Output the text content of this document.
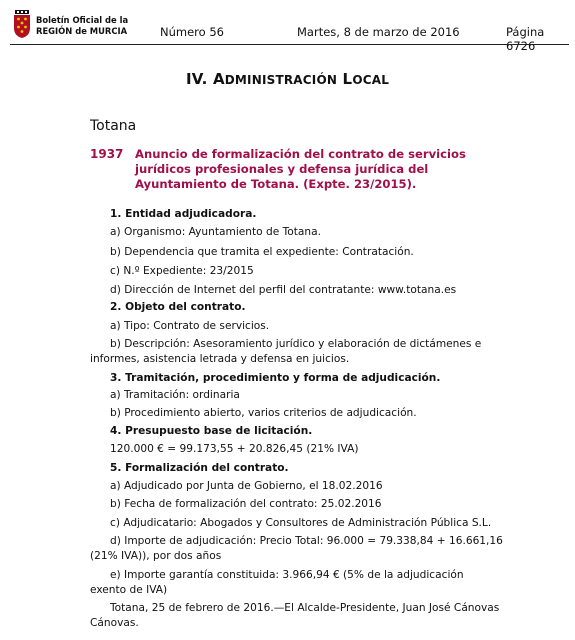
Boletín Oficial de la
REGIÓN de MURCIA	Número 56	Martes, 8 de marzo de 2016	Página 6726
IV. ADMINISTRACIÓN LOCAL
Totana
1937 Anuncio de formalización del contrato de servicios jurídicos profesionales y defensa jurídica del Ayuntamiento de Totana. (Expte. 23/2015).
1. Entidad adjudicadora.
a) Organismo: Ayuntamiento de Totana.
b) Dependencia que tramita el expediente: Contratación.
c) N.º Expediente: 23/2015
d) Dirección de Internet del perfil del contratante: www.totana.es
2. Objeto del contrato.
a) Tipo: Contrato de servicios.
b) Descripción: Asesoramiento jurídico y elaboración de dictámenes e
informes, asistencia letrada y defensa en juicios.
3. Tramitación, procedimiento y forma de adjudicación.
a) Tramitación: ordinaria
b) Procedimiento abierto, varios criterios de adjudicación.
4. Presupuesto base de licitación.
120.000 € = 99.173,55 + 20.826,45 (21% IVA)
5. Formalización del contrato.
a) Adjudicado por Junta de Gobierno, el 18.02.2016
b) Fecha de formalización del contrato: 25.02.2016
c) Adjudicatario: Abogados y Consultores de Administración Pública S.L.
d) Importe de adjudicación: Precio Total: 96.000 = 79.338,84 + 16.661,16
(21% IVA)), por dos años
e) Importe garantía constituida: 3.966,94 € (5% de la adjudicación
exento de IVA)
Totana, 25 de febrero de 2016.—El Alcalde-Presidente, Juan José Cánovas
Cánovas.
